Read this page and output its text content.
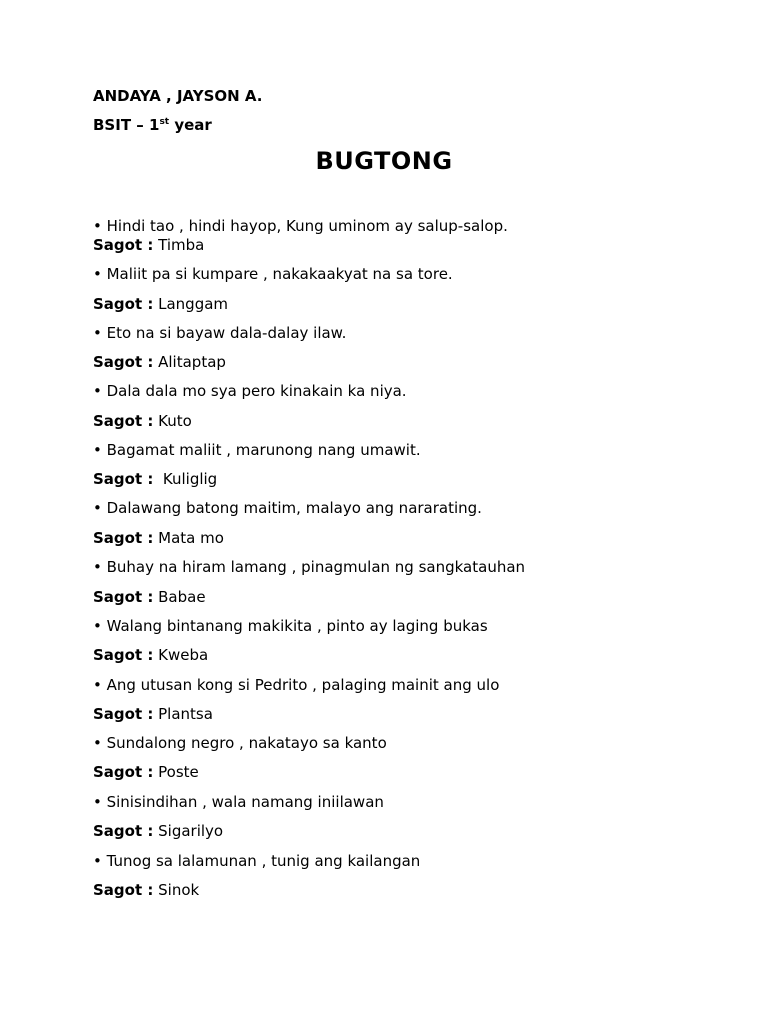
ANDAYA , JAYSON A.
BSIT – 1st year
BUGTONG
• Hindi tao , hindi hayop, Kung uminom ay salup-salop.
Sagot : Timba
• Maliit pa si kumpare , nakakaakyat na sa tore.
Sagot : Langgam
• Eto na si bayaw dala-dalay ilaw.
Sagot : Alitaptap
• Dala dala mo sya pero kinakain ka niya.
Sagot : Kuto
• Bagamat maliit , marunong nang umawit.
Sagot :  Kuliglig
• Dalawang batong maitim, malayo ang nararating.
Sagot : Mata mo
• Buhay na hiram lamang , pinagmulan ng sangkatauhan
Sagot : Babae
• Walang bintanang makikita , pinto ay laging bukas
Sagot : Kweba
• Ang utusan kong si Pedrito , palaging mainit ang ulo
Sagot : Plantsa
• Sundalong negro , nakatayo sa kanto
Sagot : Poste
• Sinisindihan , wala namang iniilawan
Sagot : Sigarilyo
• Tunog sa lalamunan , tunig ang kailangan
Sagot : Sinok
